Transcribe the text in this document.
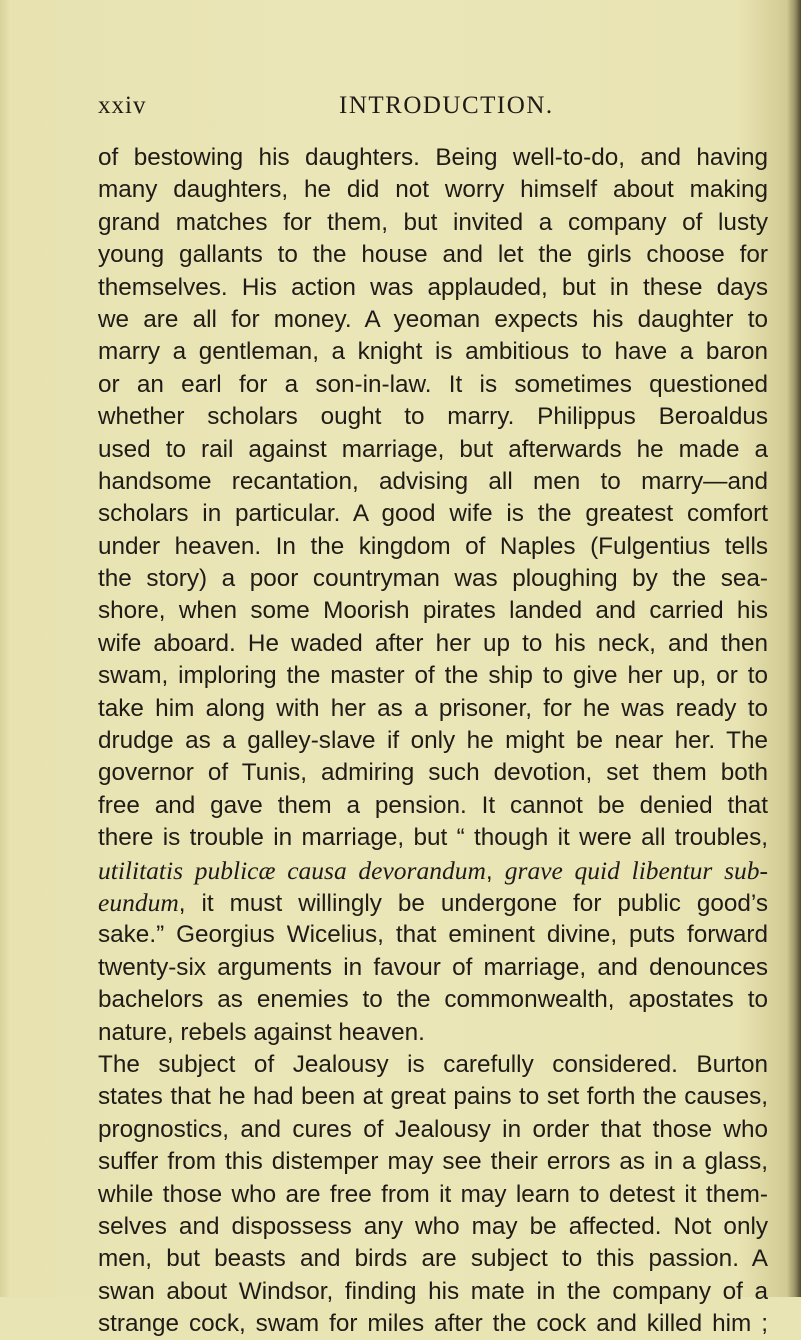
xxiv	INTRODUCTION.
of bestowing his daughters. Being well-to-do, and having
many daughters, he did not worry himself about making
grand matches for them, but invited a company of lusty
young gallants to the house and let the girls choose for
themselves. His action was applauded, but in these days
we are all for money. A yeoman expects his daughter to
marry a gentleman, a knight is ambitious to have a baron
or an earl for a son-in-law. It is sometimes questioned
whether scholars ought to marry. Philippus Beroaldus
used to rail against marriage, but afterwards he made a
handsome recantation, advising all men to marry—and
scholars in particular. A good wife is the greatest comfort
under heaven. In the kingdom of Naples (Fulgentius tells
the story) a poor countryman was ploughing by the sea-
shore, when some Moorish pirates landed and carried his
wife aboard. He waded after her up to his neck, and then
swam, imploring the master of the ship to give her up, or to
take him along with her as a prisoner, for he was ready to
drudge as a galley-slave if only he might be near her. The
governor of Tunis, admiring such devotion, set them both
free and gave them a pension. It cannot be denied that
there is trouble in marriage, but “ though it were all troubles,
utilitatis publicæ causa devorandum, grave quid libentur sub-
eundum, it must willingly be undergone for public good’s
sake.” Georgius Wicelius, that eminent divine, puts forward
twenty-six arguments in favour of marriage, and denounces
bachelors as enemies to the commonwealth, apostates to
nature, rebels against heaven.
The subject of Jealousy is carefully considered. Burton
states that he had been at great pains to set forth the causes,
prognostics, and cures of Jealousy in order that those who
suffer from this distemper may see their errors as in a glass,
while those who are free from it may learn to detest it them-
selves and dispossess any who may be affected. Not only
men, but beasts and birds are subject to this passion. A
swan about Windsor, finding his mate in the company of a
strange cock, swam for miles after the cock and killed him ;
